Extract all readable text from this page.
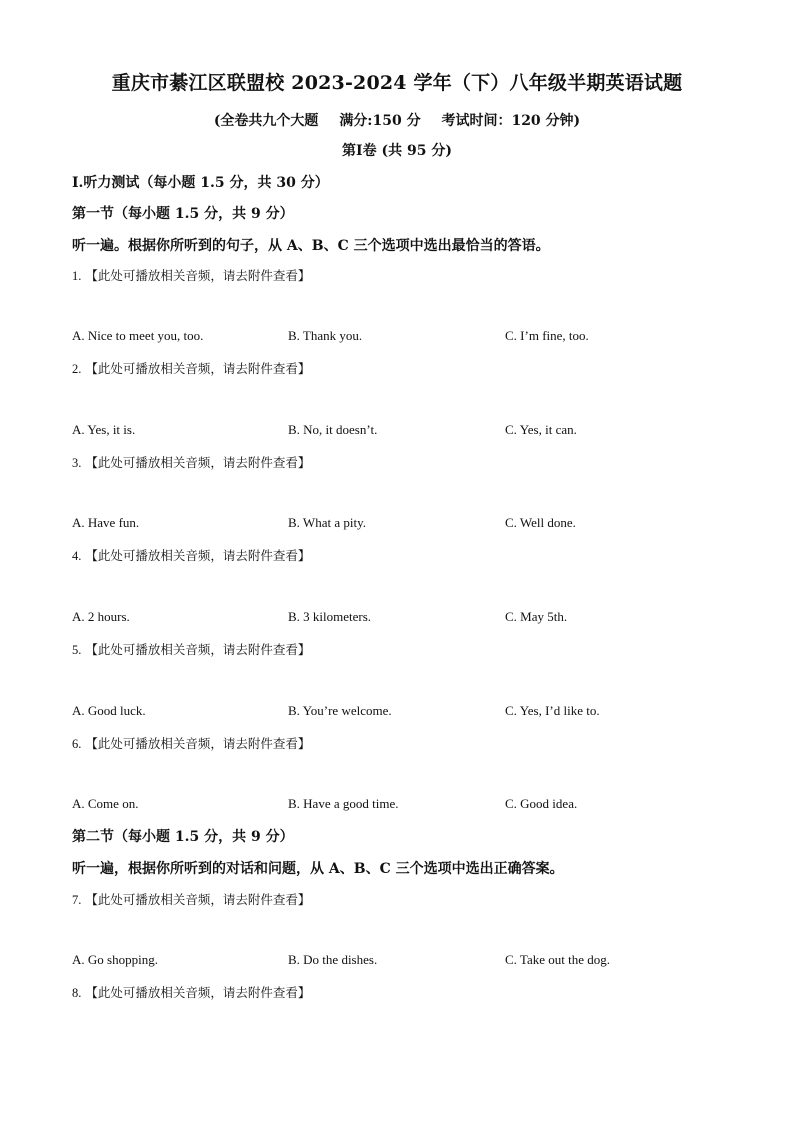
重庆市綦江区联盟校 2023-2024 学年（下）八年级半期英语试题
(全卷共九个大题 满分:150 分 考试时间：120 分钟)
第Ⅰ卷 (共 95 分)
Ⅰ.听力测试（每小题 1.5 分，共 30 分）
第一节（每小题 1.5 分，共 9 分）
听一遍。根据你所听到的句子，从 A、B、C 三个选项中选出最恰当的答语。
1. 【此处可播放相关音频，请去附件查看】
A. Nice to meet you, too.	B. Thank you.	C. I’m fine, too.
2. 【此处可播放相关音频，请去附件查看】
A. Yes, it is.	B. No, it doesn’t.	C. Yes, it can.
3. 【此处可播放相关音频，请去附件查看】
A. Have fun.	B. What a pity.	C. Well done.
4. 【此处可播放相关音频，请去附件查看】
A. 2 hours.	B. 3 kilometers.	C. May 5th.
5. 【此处可播放相关音频，请去附件查看】
A. Good luck.	B. You’re welcome.	C. Yes, I’d like to.
6. 【此处可播放相关音频，请去附件查看】
A. Come on.	B. Have a good time.	C. Good idea.
第二节（每小题 1.5 分，共 9 分）
听一遍，根据你所听到的对话和问题，从 A、B、C 三个选项中选出正确答案。
7. 【此处可播放相关音频，请去附件查看】
A. Go shopping.	B. Do the dishes.	C. Take out the dog.
8. 【此处可播放相关音频，请去附件查看】
